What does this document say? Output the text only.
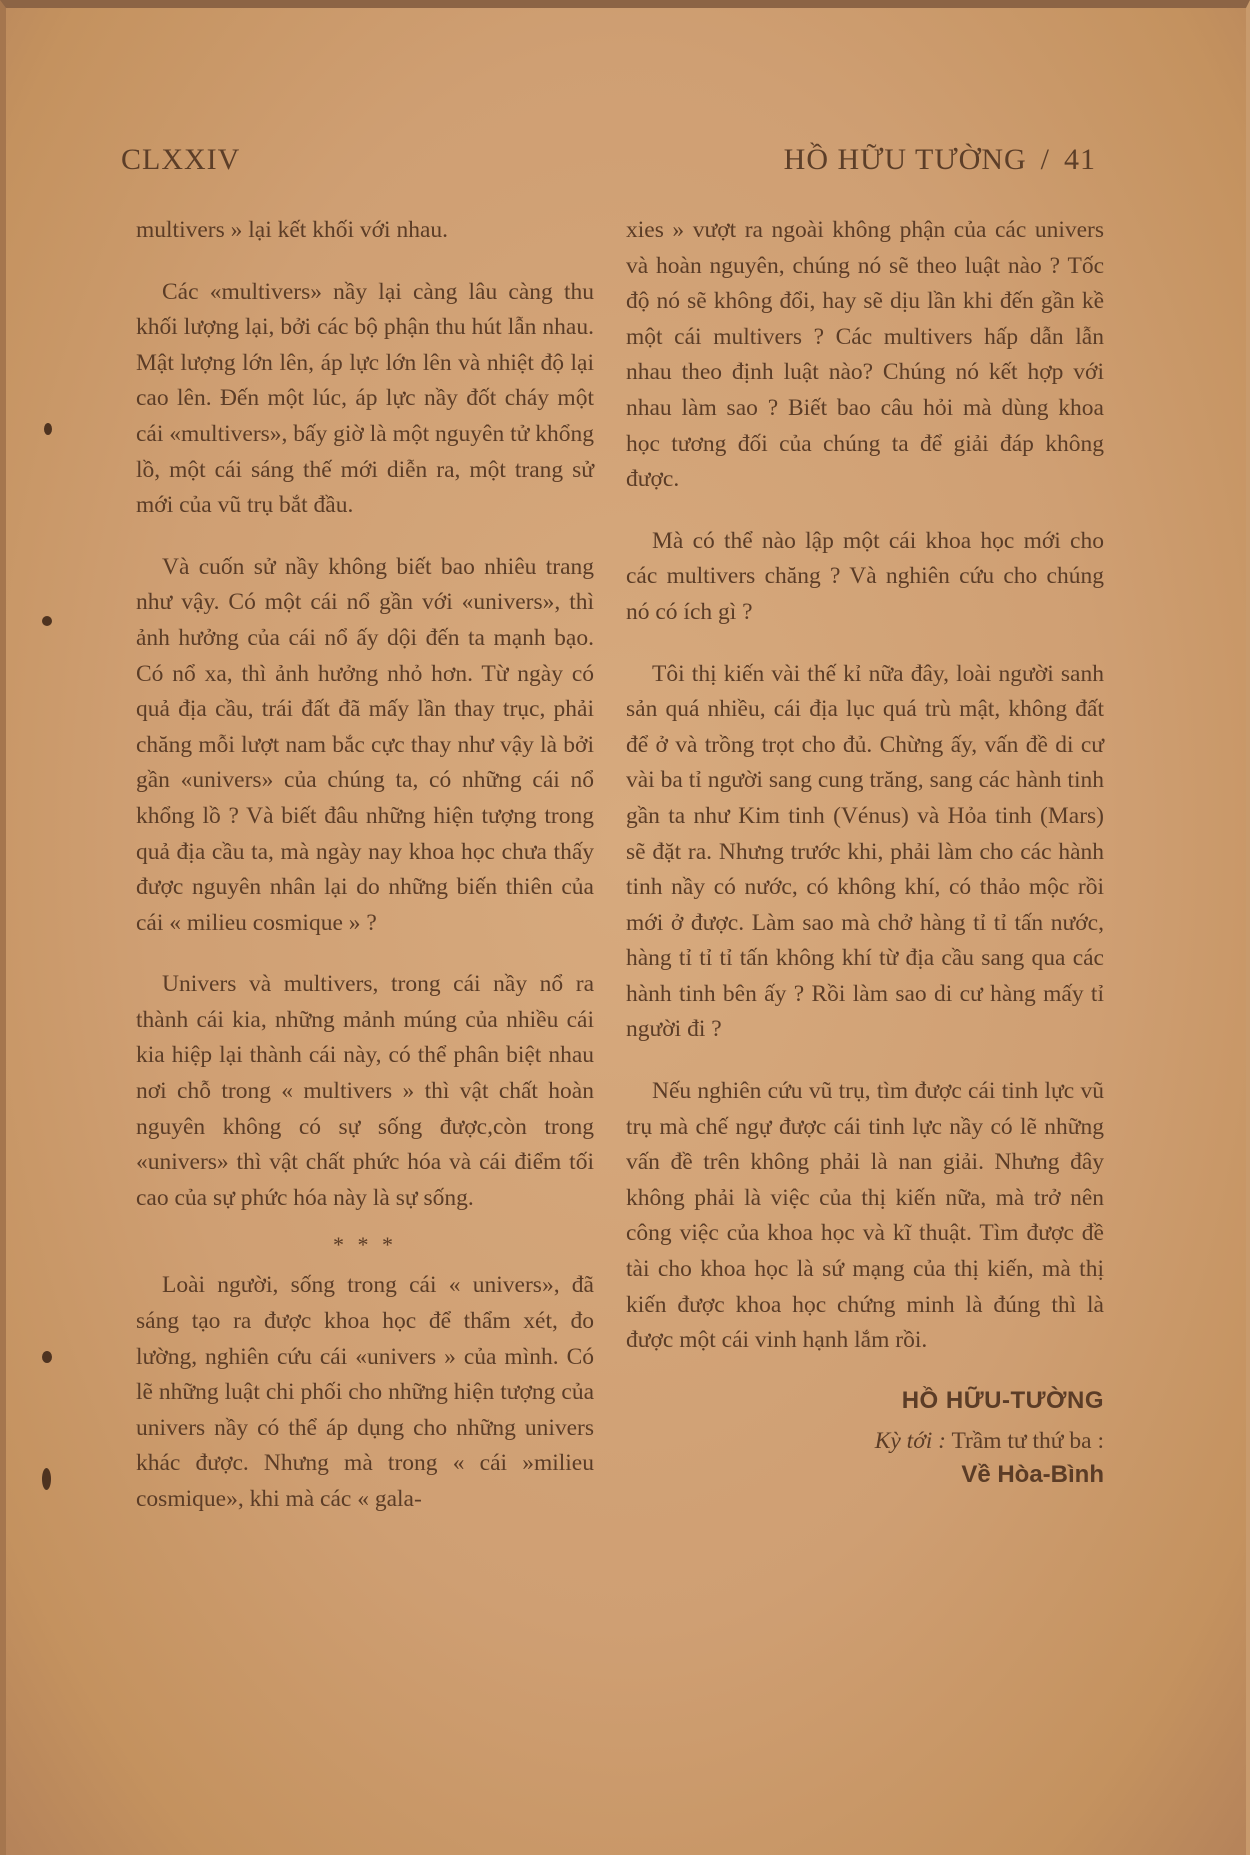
CLXXIV	HỒ HỮU TƯỜNG / 41

multivers » lại kết khối với nhau.

Các «multivers» nầy lại càng lâu càng thu khối lượng lại, bởi các bộ phận thu hút lẫn nhau. Mật lượng lớn lên, áp lực lớn lên và nhiệt độ lại cao lên. Đến một lúc, áp lực nầy đốt cháy một cái «multivers», bấy giờ là một nguyên tử khổng lồ, một cái sáng thế mới diễn ra, một trang sử mới của vũ trụ bắt đầu.

Và cuốn sử nầy không biết bao nhiêu trang như vậy. Có một cái nổ gần với «univers», thì ảnh hưởng của cái nổ ấy dội đến ta mạnh bạo. Có nổ xa, thì ảnh hưởng nhỏ hơn. Từ ngày có quả địa cầu, trái đất đã mấy lần thay trục, phải chăng mỗi lượt nam bắc cực thay như vậy là bởi gần «univers» của chúng ta, có những cái nổ khổng lồ ? Và biết đâu những hiện tượng trong quả địa cầu ta, mà ngày nay khoa học chưa thấy được nguyên nhân lại do những biến thiên của cái « milieu cosmique » ?

Univers và multivers, trong cái nầy nổ ra thành cái kia, những mảnh múng của nhiều cái kia hiệp lại thành cái này, có thể phân biệt nhau nơi chỗ trong « multivers » thì vật chất hoàn nguyên không có sự sống được,còn trong «univers» thì vật chất phức hóa và cái điểm tối cao của sự phức hóa này là sự sống.

* * *

Loài người, sống trong cái « univers», đã sáng tạo ra được khoa học để thẩm xét, đo lường, nghiên cứu cái «univers » của mình. Có lẽ những luật chi phối cho những hiện tượng của univers nầy có thể áp dụng cho những univers khác được. Nhưng mà trong « cái »milieu cosmique», khi mà các « gala-

xies » vượt ra ngoài không phận của các univers và hoàn nguyên, chúng nó sẽ theo luật nào ? Tốc độ nó sẽ không đổi, hay sẽ dịu lần khi đến gần kề một cái multivers ? Các multivers hấp dẫn lẫn nhau theo định luật nào? Chúng nó kết hợp với nhau làm sao ? Biết bao câu hỏi mà dùng khoa học tương đối của chúng ta để giải đáp không được.

Mà có thể nào lập một cái khoa học mới cho các multivers chăng ? Và nghiên cứu cho chúng nó có ích gì ?

Tôi thị kiến vài thế kỉ nữa đây, loài người sanh sản quá nhiều, cái địa lục quá trù mật, không đất để ở và trồng trọt cho đủ. Chừng ấy, vấn đề di cư vài ba tỉ người sang cung trăng, sang các hành tinh gần ta như Kim tinh (Vénus) và Hỏa tinh (Mars) sẽ đặt ra. Nhưng trước khi, phải làm cho các hành tinh nầy có nước, có không khí, có thảo mộc rồi mới ở được. Làm sao mà chở hàng tỉ tỉ tấn nước, hàng tỉ tỉ tỉ tấn không khí từ địa cầu sang qua các hành tinh bên ấy ? Rồi làm sao di cư hàng mấy tỉ người đi ?

Nếu nghiên cứu vũ trụ, tìm được cái tinh lực vũ trụ mà chế ngự được cái tinh lực nầy có lẽ những vấn đề trên không phải là nan giải. Nhưng đây không phải là việc của thị kiến nữa, mà trở nên công việc của khoa học và kĩ thuật. Tìm được đề tài cho khoa học là sứ mạng của thị kiến, mà thị kiến được khoa học chứng minh là đúng thì là được một cái vinh hạnh lắm rồi.

HỒ HỮU-TƯỜNG
Kỳ tới : Trầm tư thứ ba :
Về Hòa-Bình
